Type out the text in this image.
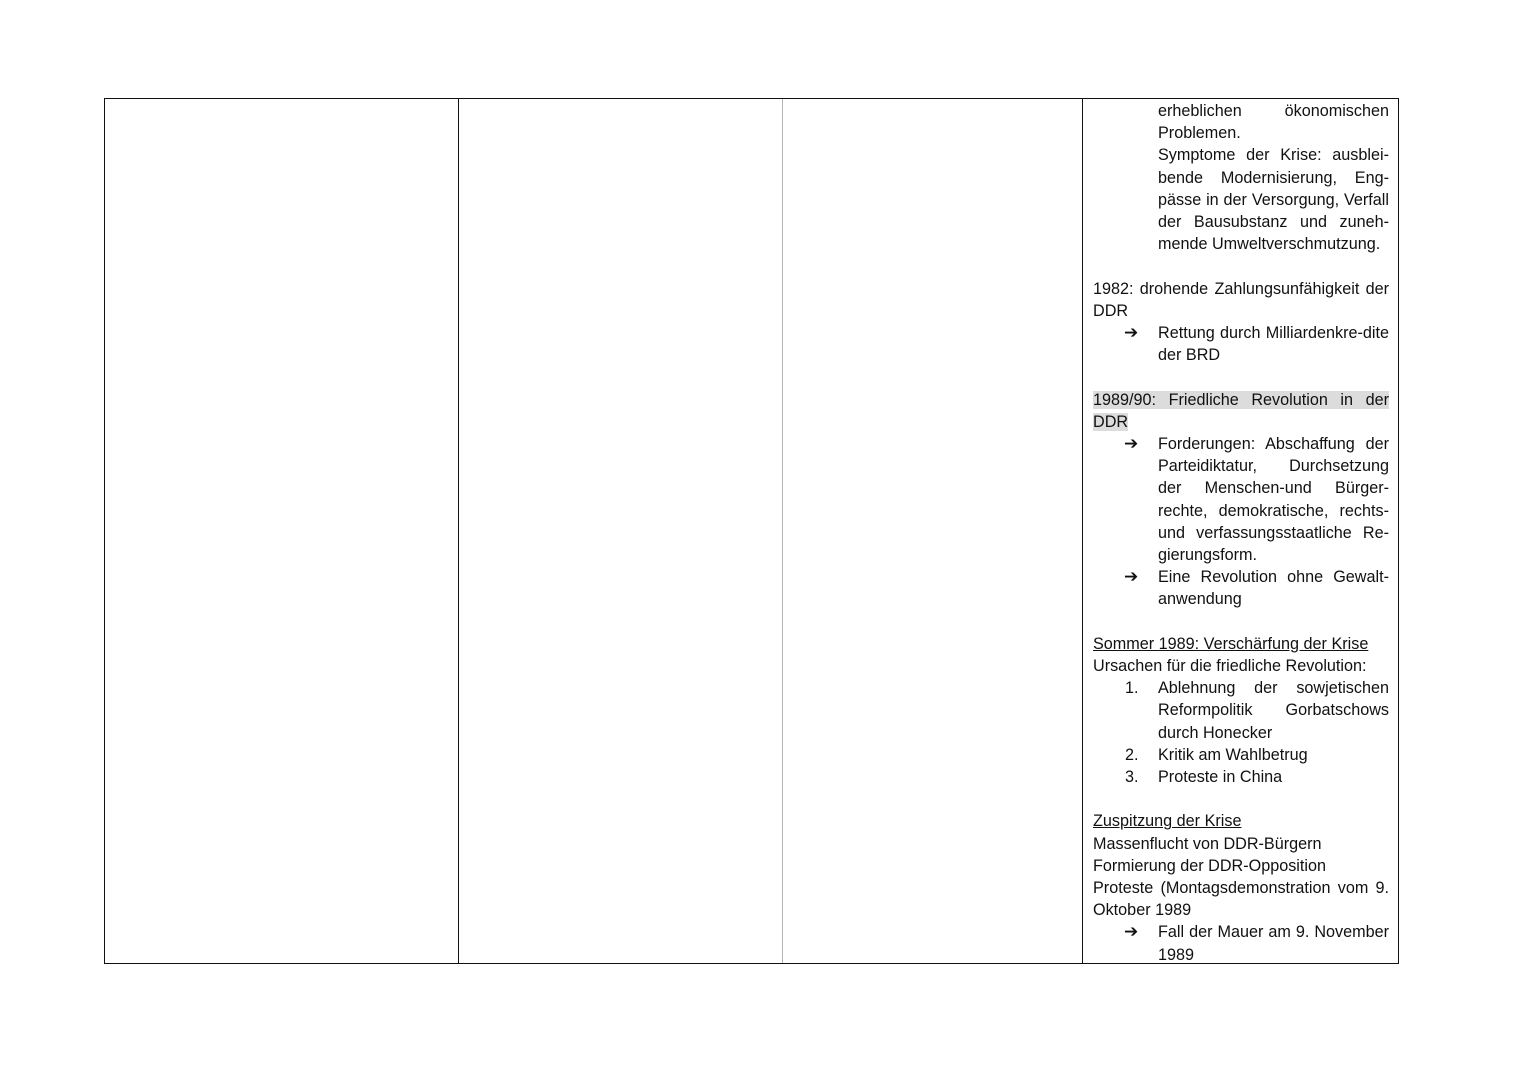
erheblichen ökonomischen Problemen.

Symptome der Krise: ausblei-bende Modernisierung, Eng-pässe in der Versorgung, Verfall der Bausubstanz und zuneh-mende Umweltverschmutzung.

1982: drohende Zahlungsunfähigkeit der DDR

➔	Rettung durch Milliardenkre-dite der BRD

1989/90: Friedliche Revolution in der DDR

➔	Forderungen: Abschaffung der Parteidiktatur, Durchsetzung der Menschen-und Bürger-rechte, demokratische, rechts- und verfassungsstaatliche Re-gierungsform.
➔	Eine Revolution ohne Gewalt-anwendung

Sommer 1989: Verschärfung der Krise

Ursachen für die friedliche Revolution:

1.	Ablehnung der sowjetischen Reformpolitik Gorbatschows durch Honecker
2.	Kritik am Wahlbetrug
3.	Proteste in China

Zuspitzung der Krise

Massenflucht von DDR-Bürgern

Formierung der DDR-Opposition

Proteste (Montagsdemonstration vom 9. Oktober 1989

➔	Fall der Mauer am 9. November 1989
